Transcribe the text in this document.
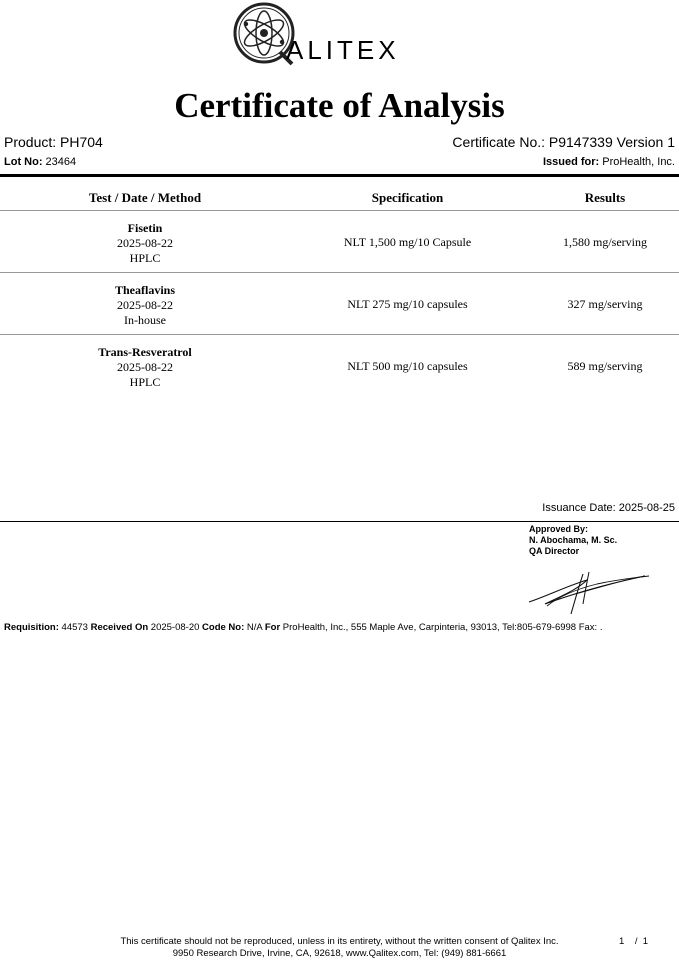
ALITEX
Certificate of Analysis
Product: PH704	Certificate No.: P9147339 Version 1
Lot No: 23464	Issued for: ProHealth, Inc.
Test / Date / Method	Specification	Results
Fisetin
2025-08-22
HPLC
NLT 1,500 mg/10 Capsule	1,580 mg/serving
Theaflavins
2025-08-22
In-house
NLT 275 mg/10 capsules	327 mg/serving
Trans-Resveratrol
2025-08-22
HPLC
NLT 500 mg/10 capsules	589 mg/serving
Issuance Date: 2025-08-25
Approved By:
N. Abochama, M. Sc.
QA Director
Requisition: 44573 Received On 2025-08-20 Code No: N/A For ProHealth, Inc., 555 Maple Ave, Carpinteria, 93013, Tel:805-679-6998 Fax: .
This certificate should not be reproduced, unless in its entirety, without the written consent of Qalitex Inc.
9950 Research Drive, Irvine, CA, 92618, www.Qalitex.com, Tel: (949) 881-6661
1    /  1
